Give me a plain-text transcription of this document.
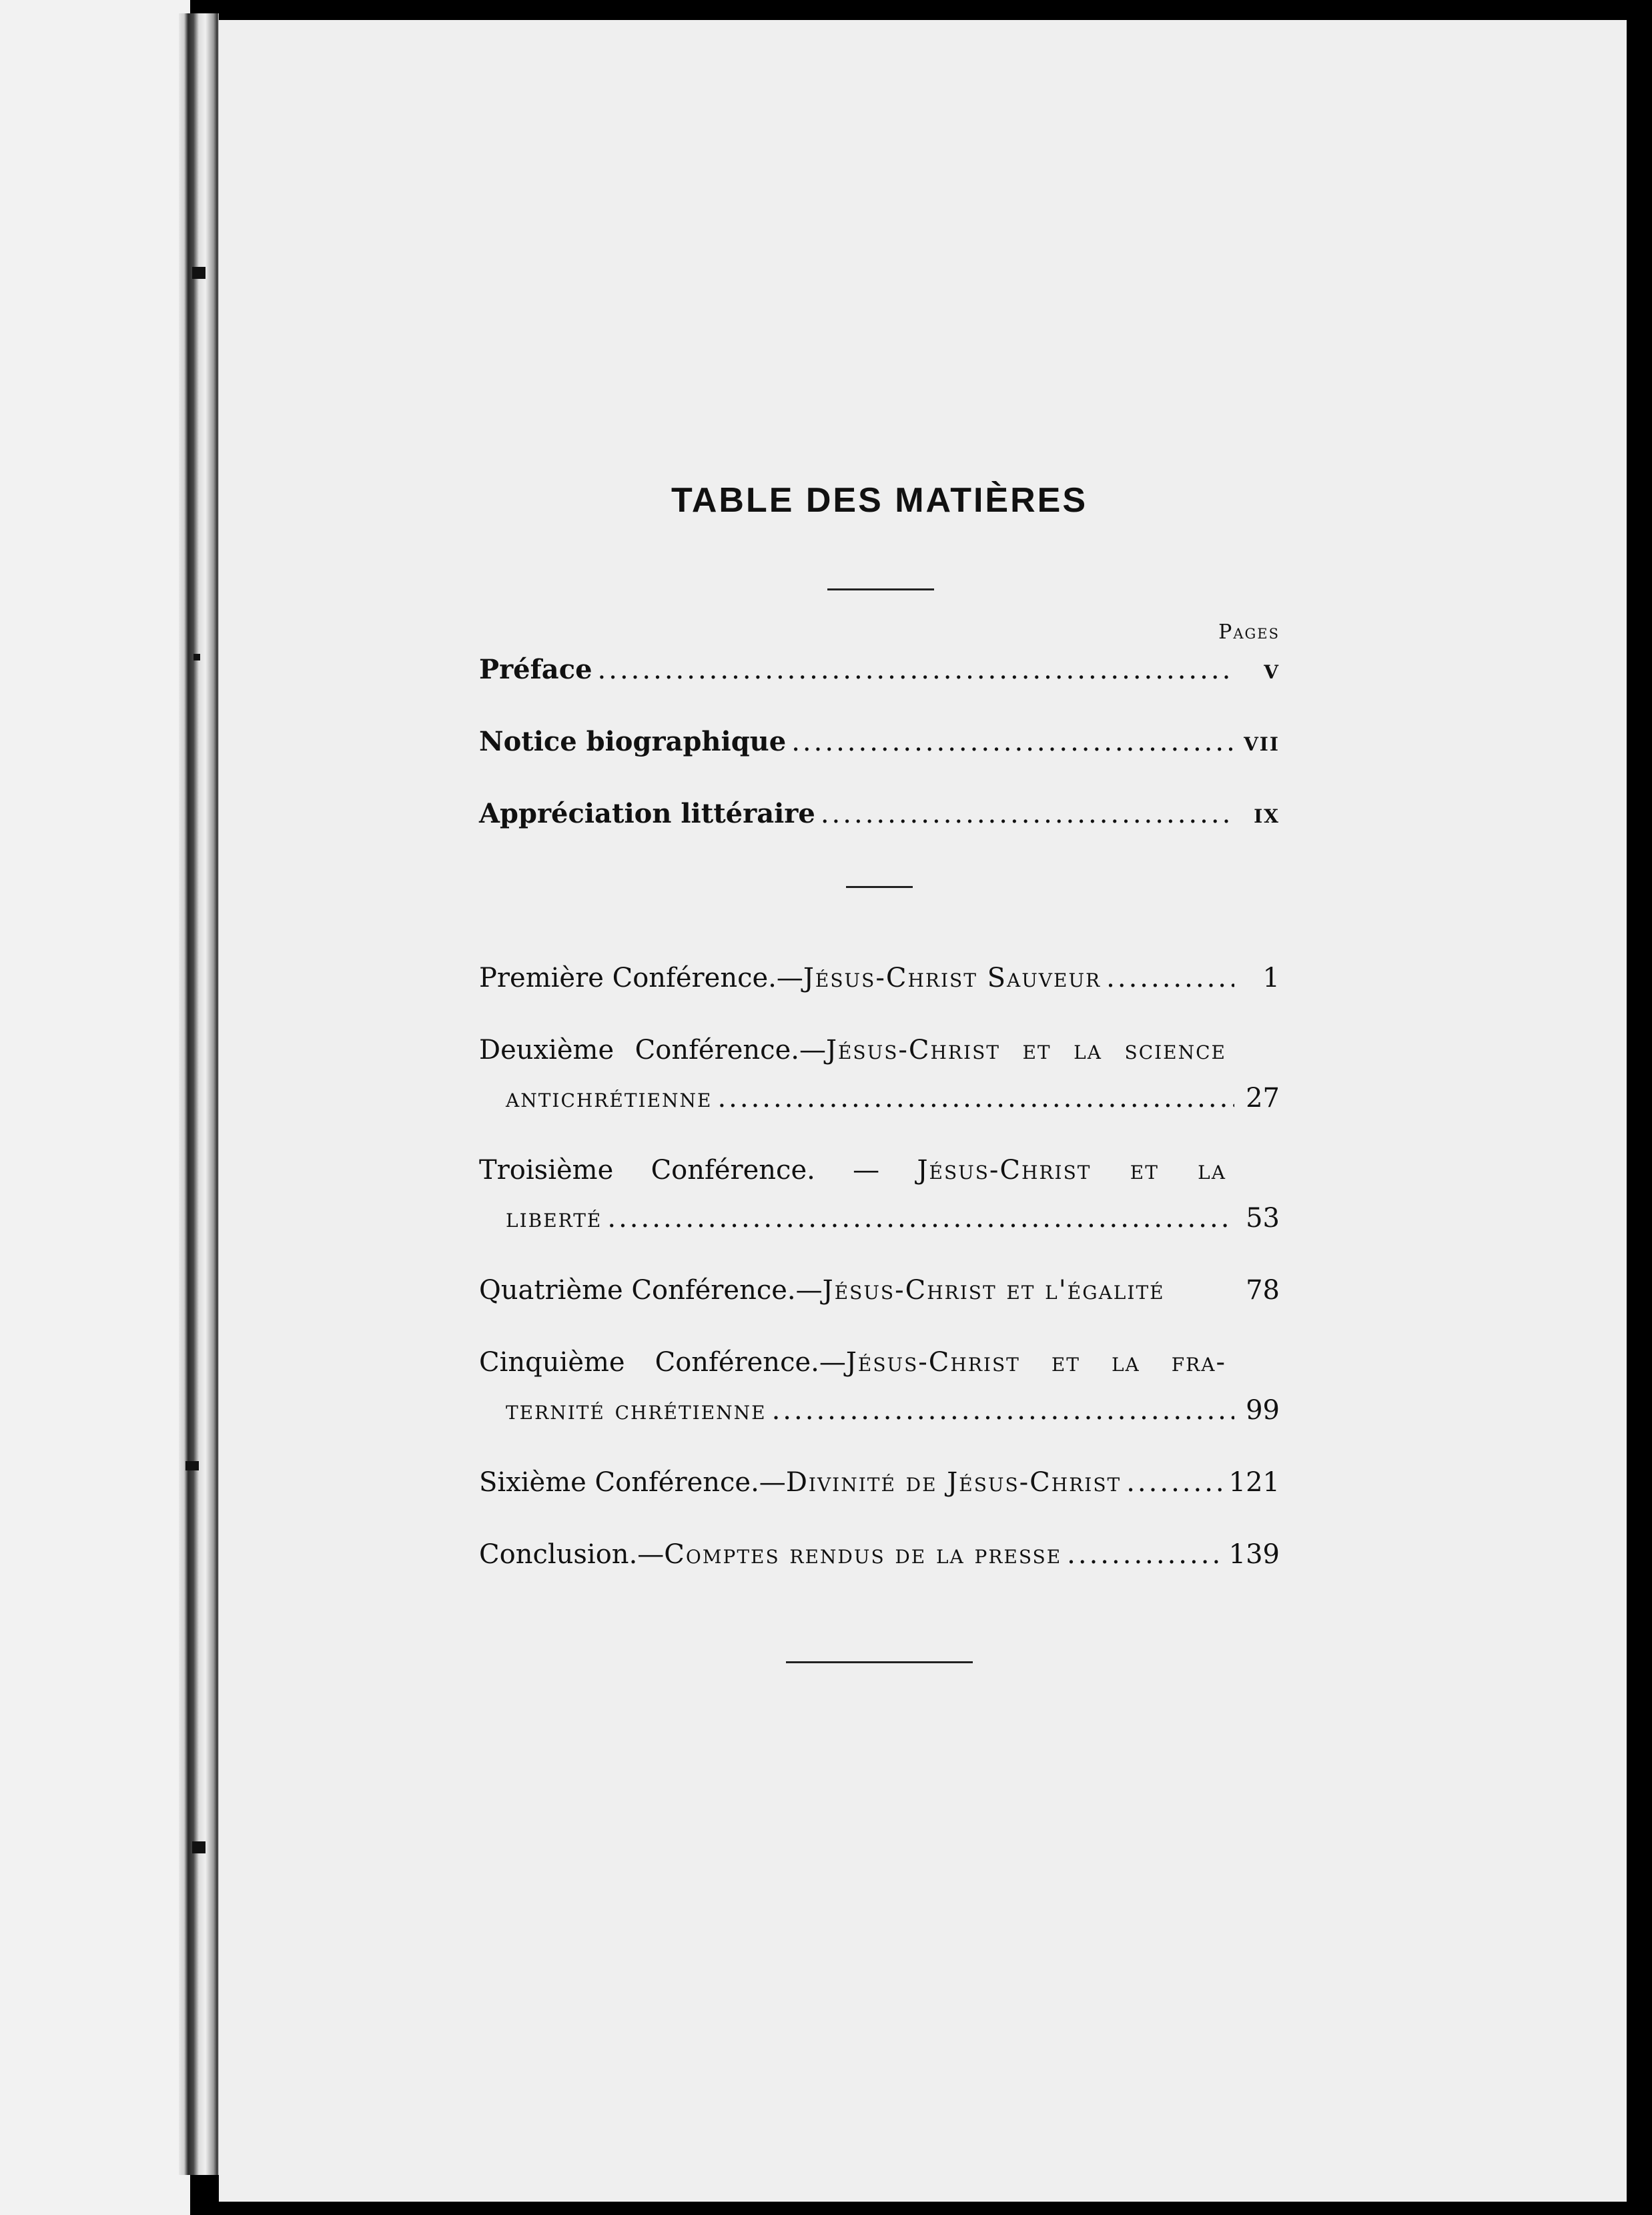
TABLE DES MATIÈRES
Pages
Préface .....	v
Notice biographique .....	vii
Appréciation littéraire .....	ix
Première Conférence.— Jésus-Christ Sauveur .....	1
Deuxième Conférence.—Jésus-Christ et la science
antichrétienne .....	27
Troisième Conférence. — Jésus-Christ et la
liberté .....	53
Quatrième Conférence.— Jésus-Christ et l'égalité	78
Cinquième Conférence.—Jésus-Christ et la fra-
ternité chrétienne .....	99
Sixième Conférence.— Divinité de Jésus-Christ .....	121
Conclusion.— Comptes rendus de la presse .....	139
